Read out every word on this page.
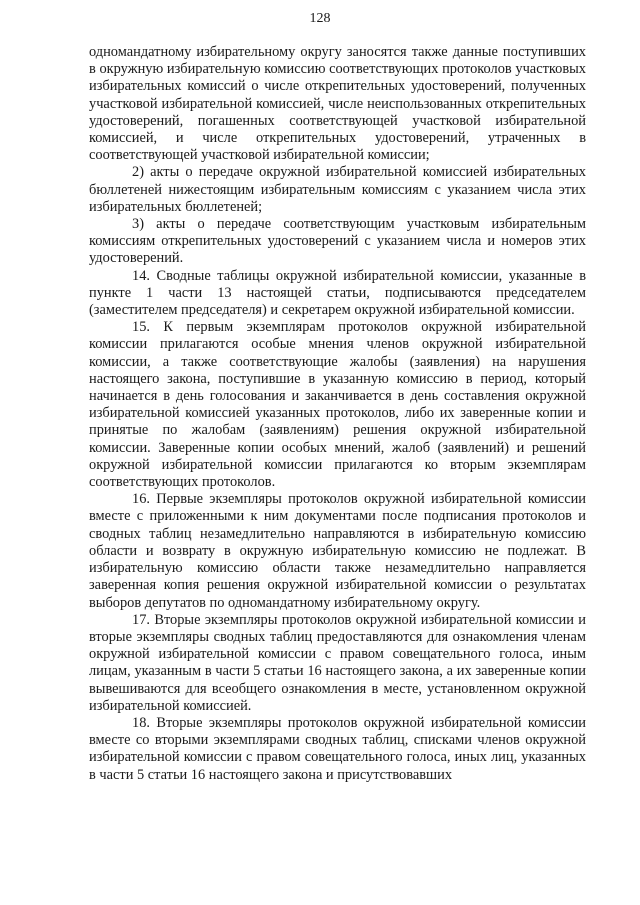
128

одномандатному избирательному округу заносятся также данные поступивших в окружную избирательную комиссию соответствующих протоколов участковых избирательных комиссий о числе открепительных удостоверений, полученных участковой избирательной комиссией, числе неиспользованных открепительных удостоверений, погашенных соответствующей участковой избирательной комиссией, и числе открепительных удостоверений, утраченных в соответствующей участковой избирательной комиссии;

2) акты о передаче окружной избирательной комиссией избирательных бюллетеней нижестоящим избирательным комиссиям с указанием числа этих избирательных бюллетеней;

3) акты о передаче соответствующим участковым избирательным комиссиям открепительных удостоверений с указанием числа и номеров этих удостоверений.

14. Сводные таблицы окружной избирательной комиссии, указанные в пункте 1 части 13 настоящей статьи, подписываются председателем (заместителем председателя) и секретарем окружной избирательной комиссии.

15. К первым экземплярам протоколов окружной избирательной комиссии прилагаются особые мнения членов окружной избирательной комиссии, а также соответствующие жалобы (заявления) на нарушения настоящего закона, поступившие в указанную комиссию в период, который начинается в день голосования и заканчивается в день составления окружной избирательной комиссией указанных протоколов, либо их заверенные копии и принятые по жалобам (заявлениям) решения окружной избирательной комиссии. Заверенные копии особых мнений, жалоб (заявлений) и решений окружной избирательной комиссии прилагаются ко вторым экземплярам соответствующих протоколов.

16. Первые экземпляры протоколов окружной избирательной комиссии вместе с приложенными к ним документами после подписания протоколов и сводных таблиц незамедлительно направляются в избирательную комиссию области и возврату в окружную избирательную комиссию не подлежат. В избирательную комиссию области также незамедлительно направляется заверенная копия решения окружной избирательной комиссии о результатах выборов депутатов по одномандатному избирательному округу.

17. Вторые экземпляры протоколов окружной избирательной комиссии и вторые экземпляры сводных таблиц предоставляются для ознакомления членам окружной избирательной комиссии с правом совещательного голоса, иным лицам, указанным в части 5 статьи 16 настоящего закона, а их заверенные копии вывешиваются для всеобщего ознакомления в месте, установленном окружной избирательной комиссией.

18. Вторые экземпляры протоколов окружной избирательной комиссии вместе со вторыми экземплярами сводных таблиц, списками членов окружной избирательной комиссии с правом совещательного голоса, иных лиц, указанных в части 5 статьи 16 настоящего закона и присутствовавших
